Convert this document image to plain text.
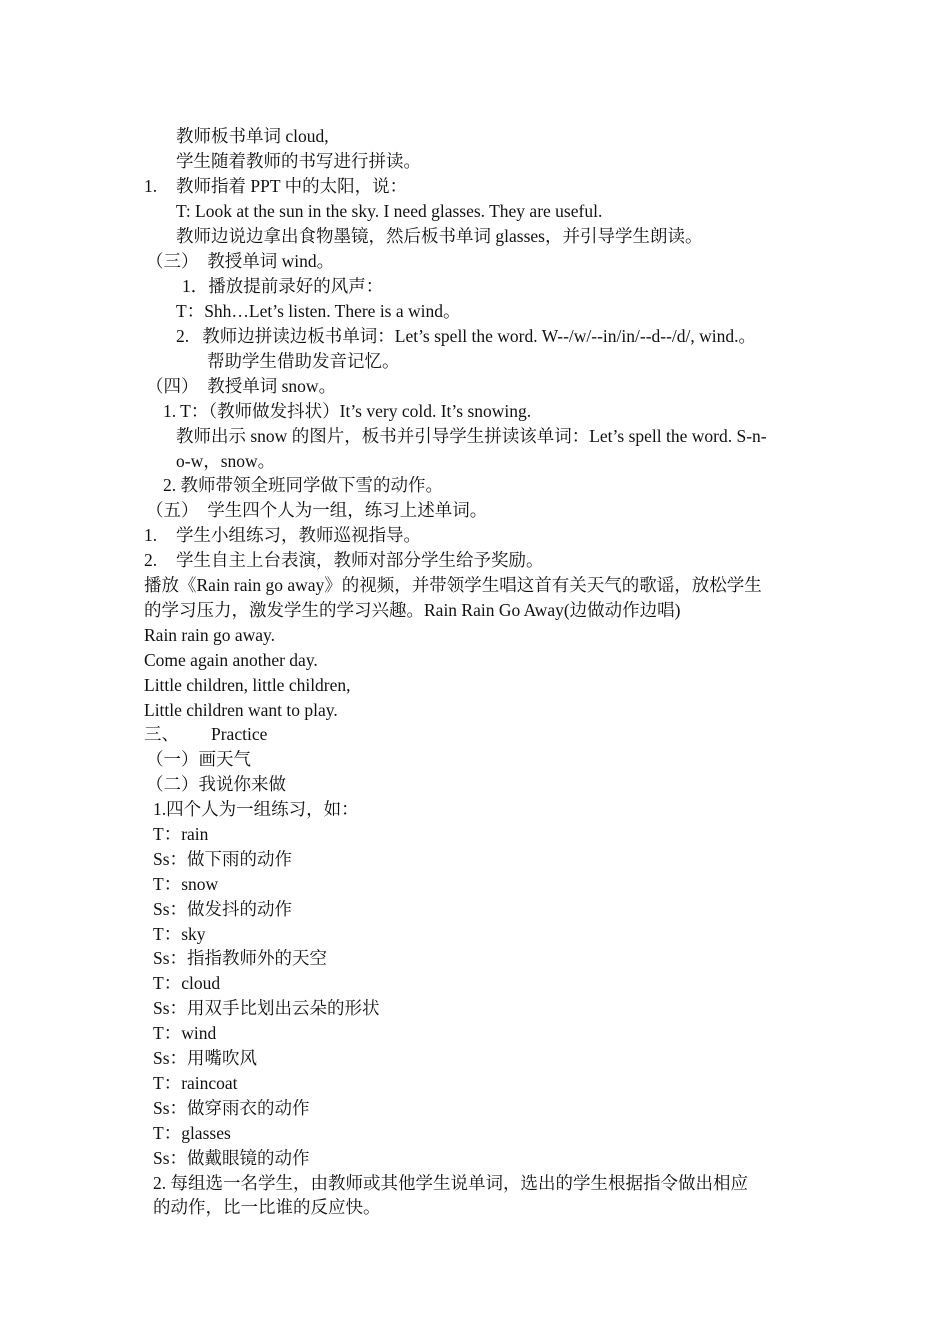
教师板书单词 cloud,
学生随着教师的书写进行拼读。
1. 教师指着 PPT 中的太阳，说：
T: Look at the sun in the sky. I need glasses. They are useful.
教师边说边拿出食物墨镜，然后板书单词 glasses，并引导学生朗读。
（三）  教授单词 wind。
1．播放提前录好的风声：
T：Shh…Let’s listen. There is a wind。
2.   教师边拼读边板书单词：Let’s spell the word. W--/w/--in/in/--d--/d/, wind.。
帮助学生借助发音记忆。
（四）  教授单词 snow。
1. T：（教师做发抖状）It’s very cold. It’s snowing.
教师出示 snow 的图片，板书并引导学生拼读该单词：Let’s spell the word. S-n-
o-w，snow。
2. 教师带领全班同学做下雪的动作。
（五）  学生四个人为一组，练习上述单词。
1. 学生小组练习，教师巡视指导。
2. 学生自主上台表演，教师对部分学生给予奖励。
播放《Rain rain go away》的视频，并带领学生唱这首有关天气的歌谣，放松学生
的学习压力，激发学生的学习兴趣。Rain Rain Go Away(边做动作边唱)
Rain rain go away.
Come again another day.
Little children, little children,
Little children want to play.
三、 Practice
（一）画天气
（二）我说你来做
1.四个人为一组练习，如：
T：rain
Ss：做下雨的动作
T：snow
Ss：做发抖的动作
T：sky
Ss：指指教师外的天空
T：cloud
Ss：用双手比划出云朵的形状
T：wind
Ss：用嘴吹风
T：raincoat
Ss：做穿雨衣的动作
T：glasses
Ss：做戴眼镜的动作
2. 每组选一名学生，由教师或其他学生说单词，选出的学生根据指令做出相应
的动作，比一比谁的反应快。
